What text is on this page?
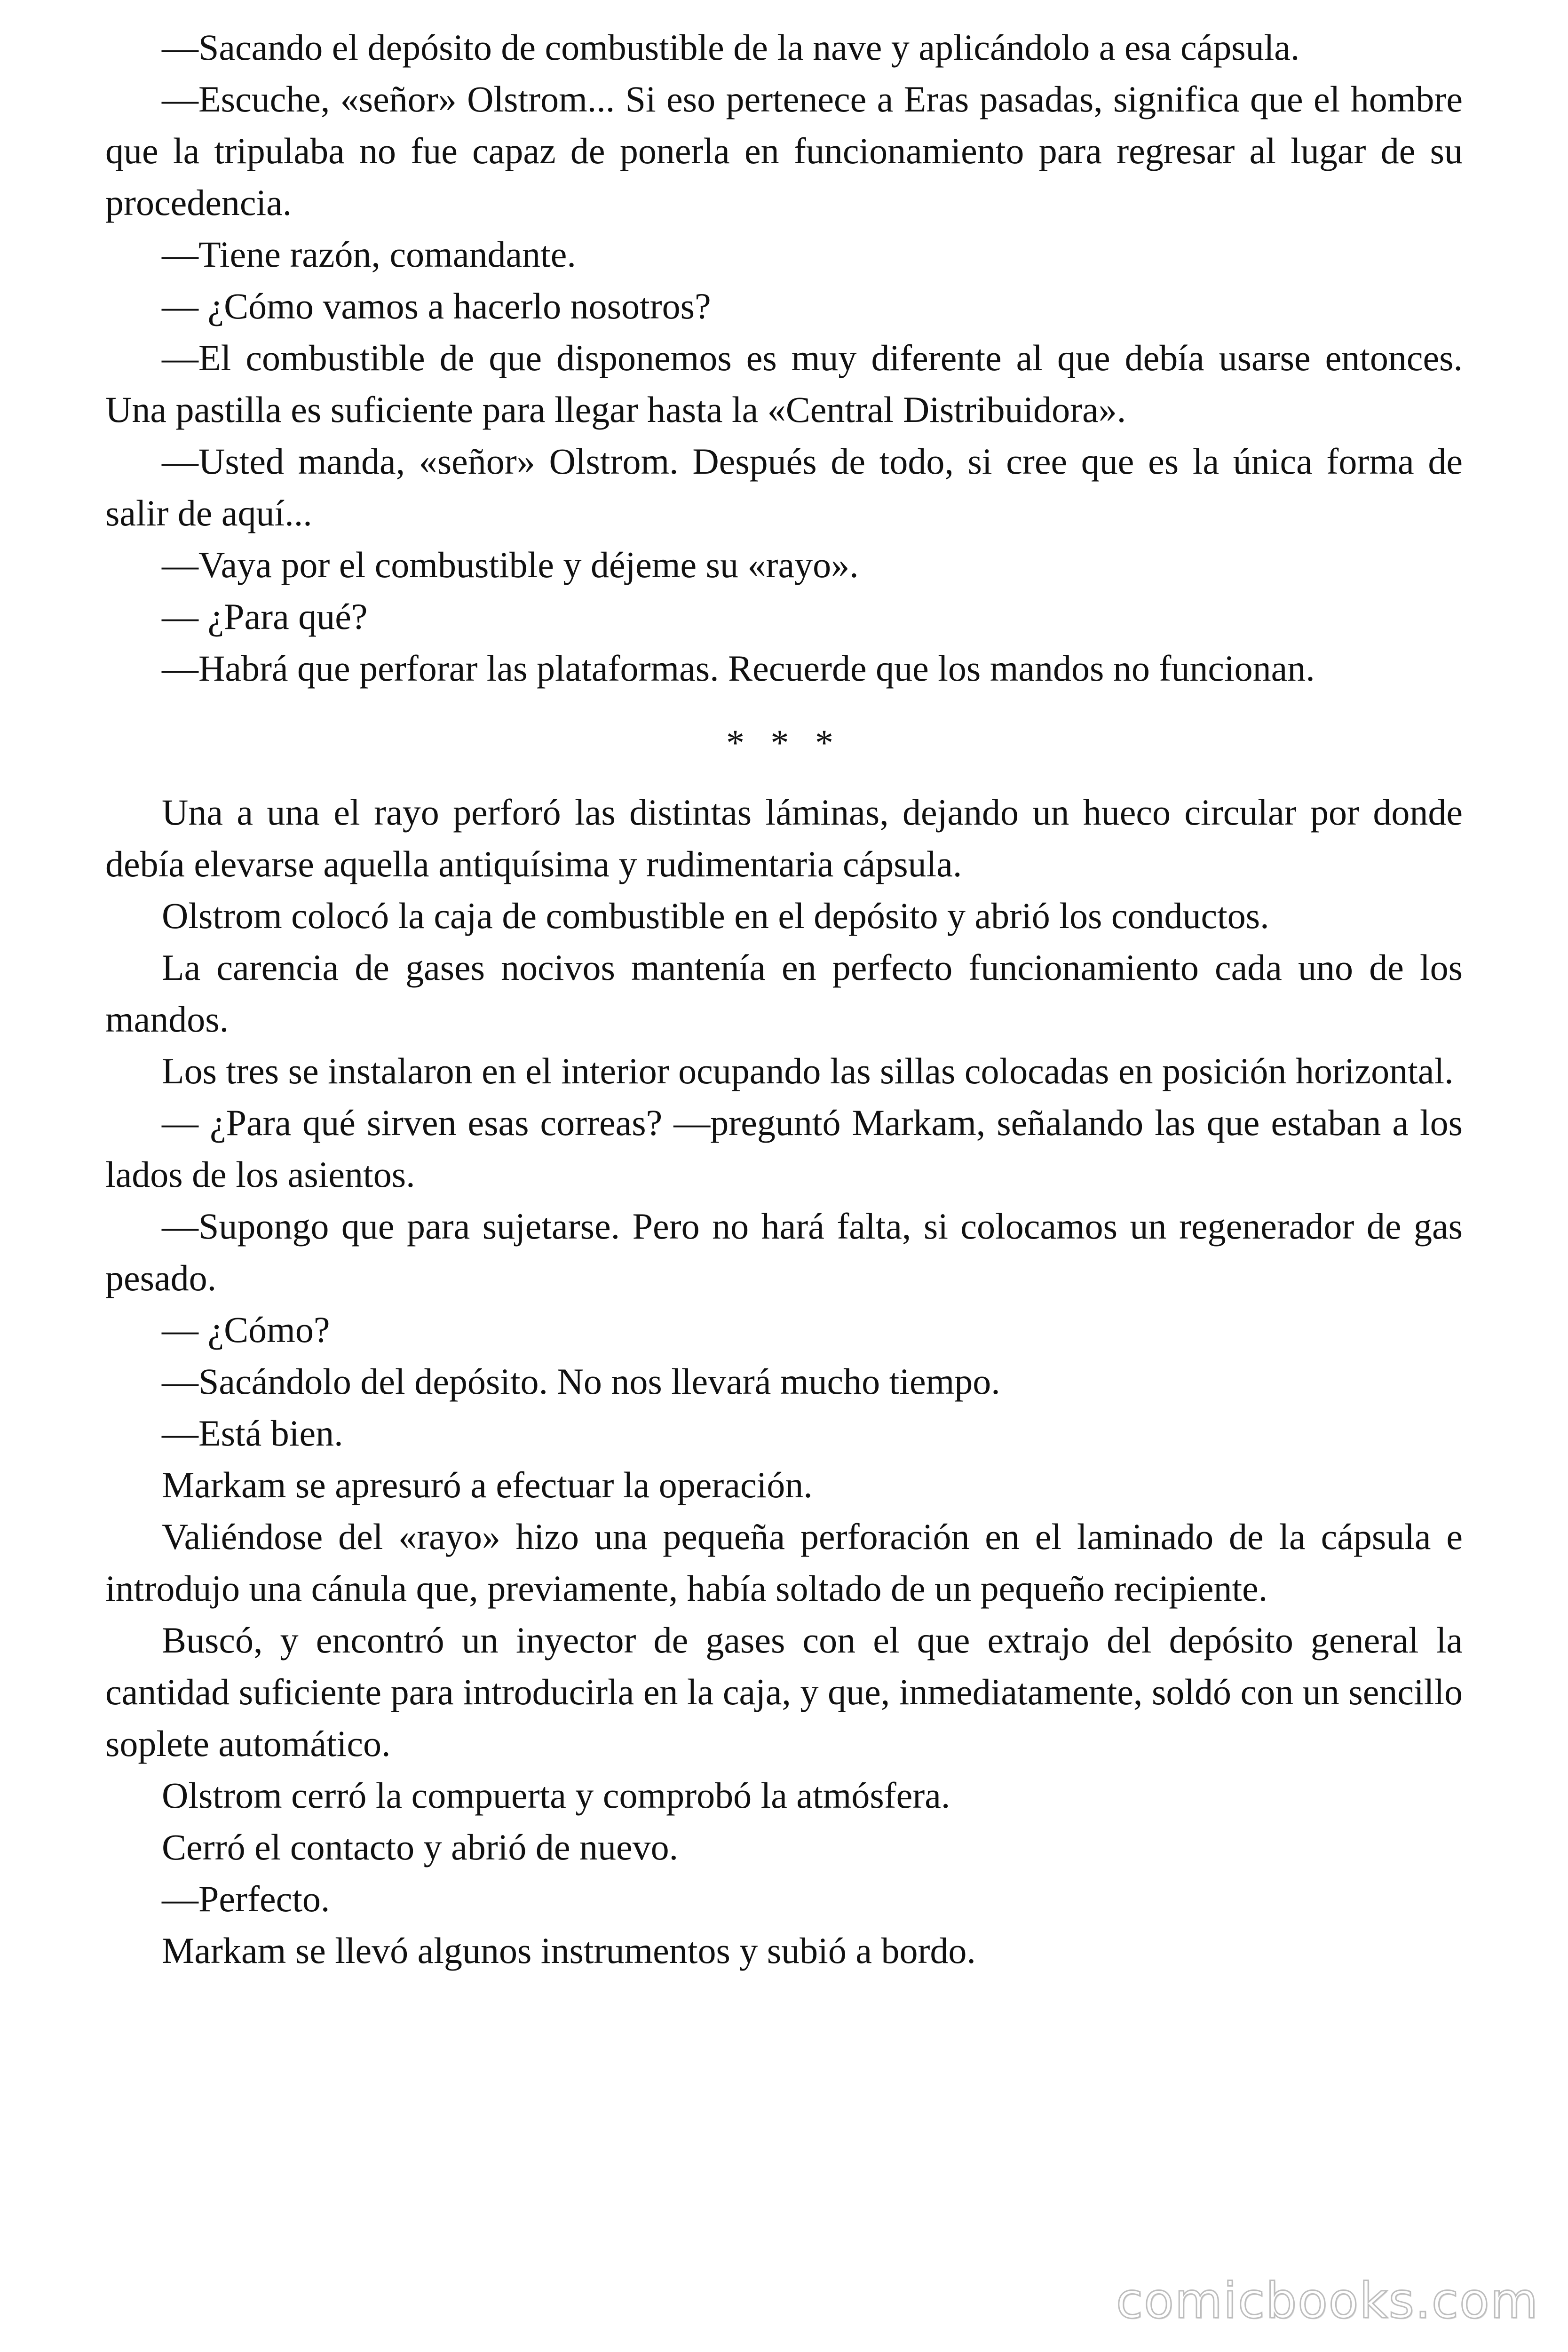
—Sacando el depósito de combustible de la nave y aplicándolo a esa cápsula.

—Escuche, «señor» Olstrom... Si eso pertenece a Eras pasadas, significa que el hombre que la tripulaba no fue capaz de ponerla en funcionamiento para regresar al lugar de su procedencia.

—Tiene razón, comandante.

— ¿Cómo vamos a hacerlo nosotros?

—El combustible de que disponemos es muy diferente al que debía usarse entonces. Una pastilla es suficiente para llegar hasta la «Central Distribuidora».

—Usted manda, «señor» Olstrom. Después de todo, si cree que es la única forma de salir de aquí...

—Vaya por el combustible y déjeme su «rayo».

— ¿Para qué?

—Habrá que perforar las plataformas. Recuerde que los mandos no funcionan.

* * *

Una a una el rayo perforó las distintas láminas, dejando un hueco circular por donde debía elevarse aquella antiquísima y rudimentaria cápsula.

Olstrom colocó la caja de combustible en el depósito y abrió los conductos.

La carencia de gases nocivos mantenía en perfecto funcionamiento cada uno de los mandos.

Los tres se instalaron en el interior ocupando las sillas colocadas en posición horizontal.

— ¿Para qué sirven esas correas? —preguntó Markam, señalando las que estaban a los lados de los asientos.

—Supongo que para sujetarse. Pero no hará falta, si colocamos un regenerador de gas pesado.

— ¿Cómo?

—Sacándolo del depósito. No nos llevará mucho tiempo.

—Está bien.

Markam se apresuró a efectuar la operación.

Valiéndose del «rayo» hizo una pequeña perforación en el laminado de la cápsula e introdujo una cánula que, previamente, había soltado de un pequeño recipiente.

Buscó, y encontró un inyector de gases con el que extrajo del depósito general la cantidad suficiente para introducirla en la caja, y que, inmediatamente, soldó con un sencillo soplete automático.

Olstrom cerró la compuerta y comprobó la atmósfera.

Cerró el contacto y abrió de nuevo.

—Perfecto.

Markam se llevó algunos instrumentos y subió a bordo.

comicbooks.com
